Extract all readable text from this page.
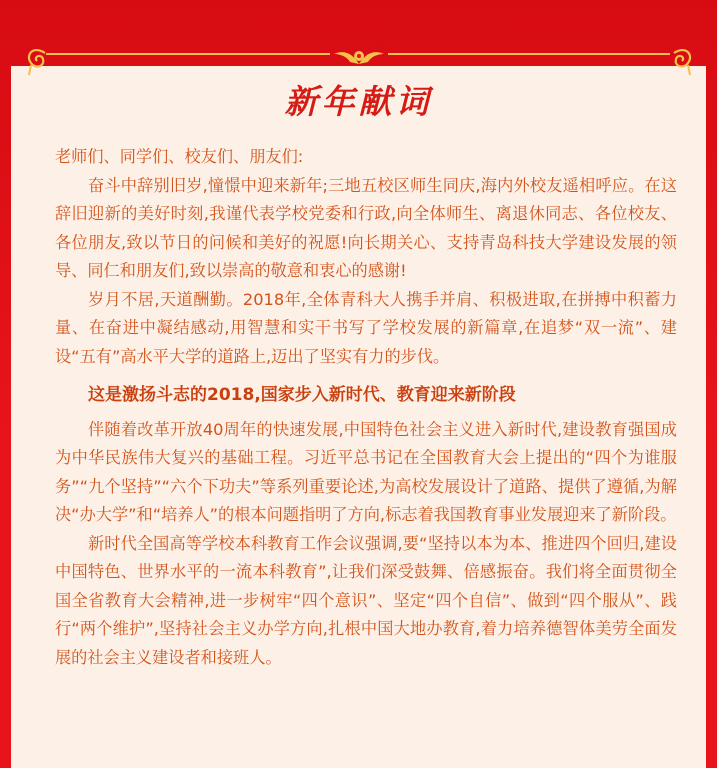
新年献词

老师们、同学们、校友们、朋友们:

奋斗中辞别旧岁,憧憬中迎来新年;三地五校区师生同庆,海内外校友遥相呼应。在这辞旧迎新的美好时刻,我谨代表学校党委和行政,向全体师生、离退休同志、各位校友、各位朋友,致以节日的问候和美好的祝愿!向长期关心、支持青岛科技大学建设发展的领导、同仁和朋友们,致以崇高的敬意和衷心的感谢!

岁月不居,天道酬勤。2018年,全体青科大人携手并肩、积极进取,在拼搏中积蓄力量、在奋进中凝结感动,用智慧和实干书写了学校发展的新篇章,在追梦“双一流”、建设“五有”高水平大学的道路上,迈出了坚实有力的步伐。

这是激扬斗志的2018,国家步入新时代、教育迎来新阶段

伴随着改革开放40周年的快速发展,中国特色社会主义进入新时代,建设教育强国成为中华民族伟大复兴的基础工程。习近平总书记在全国教育大会上提出的“四个为谁服务”“九个坚持”“六个下功夫”等系列重要论述,为高校发展设计了道路、提供了遵循,为解决“办大学”和“培养人”的根本问题指明了方向,标志着我国教育事业发展迎来了新阶段。

新时代全国高等学校本科教育工作会议强调,要“坚持以本为本、推进四个回归,建设中国特色、世界水平的一流本科教育”,让我们深受鼓舞、倍感振奋。我们将全面贯彻全国全省教育大会精神,进一步树牢“四个意识”、坚定“四个自信”、做到“四个服从”、践行“两个维护”,坚持社会主义办学方向,扎根中国大地办教育,着力培养德智体美劳全面发展的社会主义建设者和接班人。
